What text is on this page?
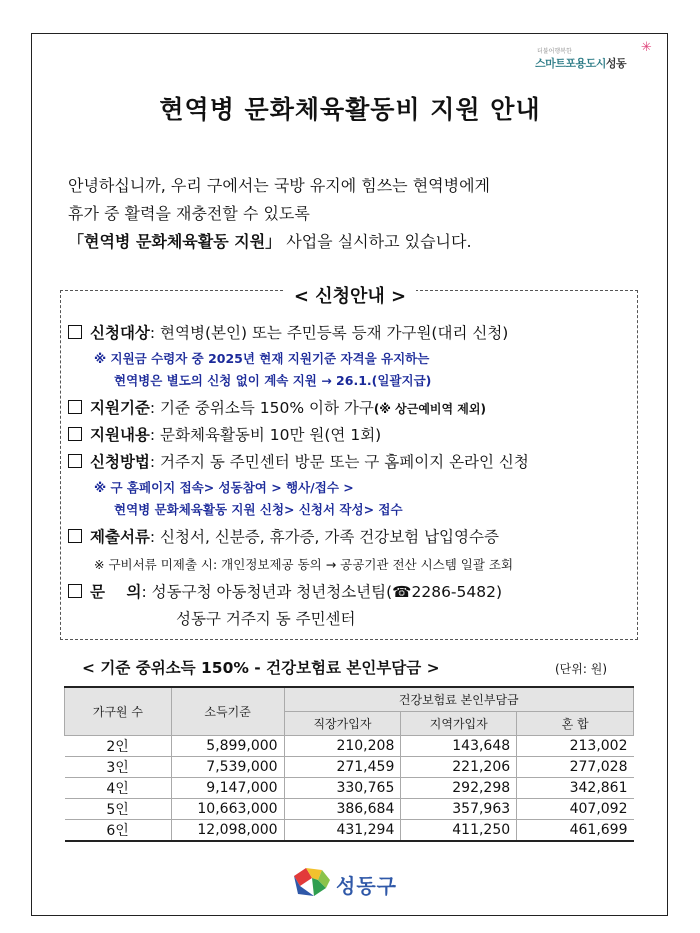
더불어행복한
스마트포용도시성동
✳
현역병 문화체육활동비 지원 안내

안녕하십니까, 우리 구에서는 국방 유지에 힘쓰는 현역병에게

휴가 중 활력을 재충전할 수 있도록

「현역병 문화체육활동 지원」 사업을 실시하고 있습니다.

< 신청안내 >
신청대상: 현역병(본인) 또는 주민등록 등재 가구원(대리 신청)
※ 지원금 수령자 중 2025년 현재 지원기준 자격을 유지하는
현역병은 별도의 신청 없이 계속 지원 → 26.1.(일괄지급)
지원기준: 기준 중위소득 150% 이하 가구(※ 상근예비역 제외)
지원내용: 문화체육활동비 10만 원(연 1회)
신청방법: 거주지 동 주민센터 방문 또는 구 홈페이지 온라인 신청
※ 구 홈페이지 접속> 성동참여 > 행사/접수 >
현역병 문화체육활동 지원 신청> 신청서 작성> 접수
제출서류: 신청서, 신분증, 휴가증, 가족 건강보험 납입영수증
※ 구비서류 미제출 시: 개인정보제공 동의 → 공공기관 전산 시스템 일괄 조회
문    의: 성동구청 아동청년과 청년청소년팀(☎2286-5482)
성동구 거주지 동 주민센터
< 기준 중위소득 150% - 건강보험료 본인부담금 >	(단위: 원)
가구원 수	소득기준	건강보험료 본인부담금		
		직장가입자	지역가입자	혼 합
2인	5,899,000	210,208	143,648	213,002
3인	7,539,000	271,459	221,206	277,028
4인	9,147,000	330,765	292,298	342,861
5인	10,663,000	386,684	357,963	407,092
6인	12,098,000	431,294	411,250	461,699
성동구
